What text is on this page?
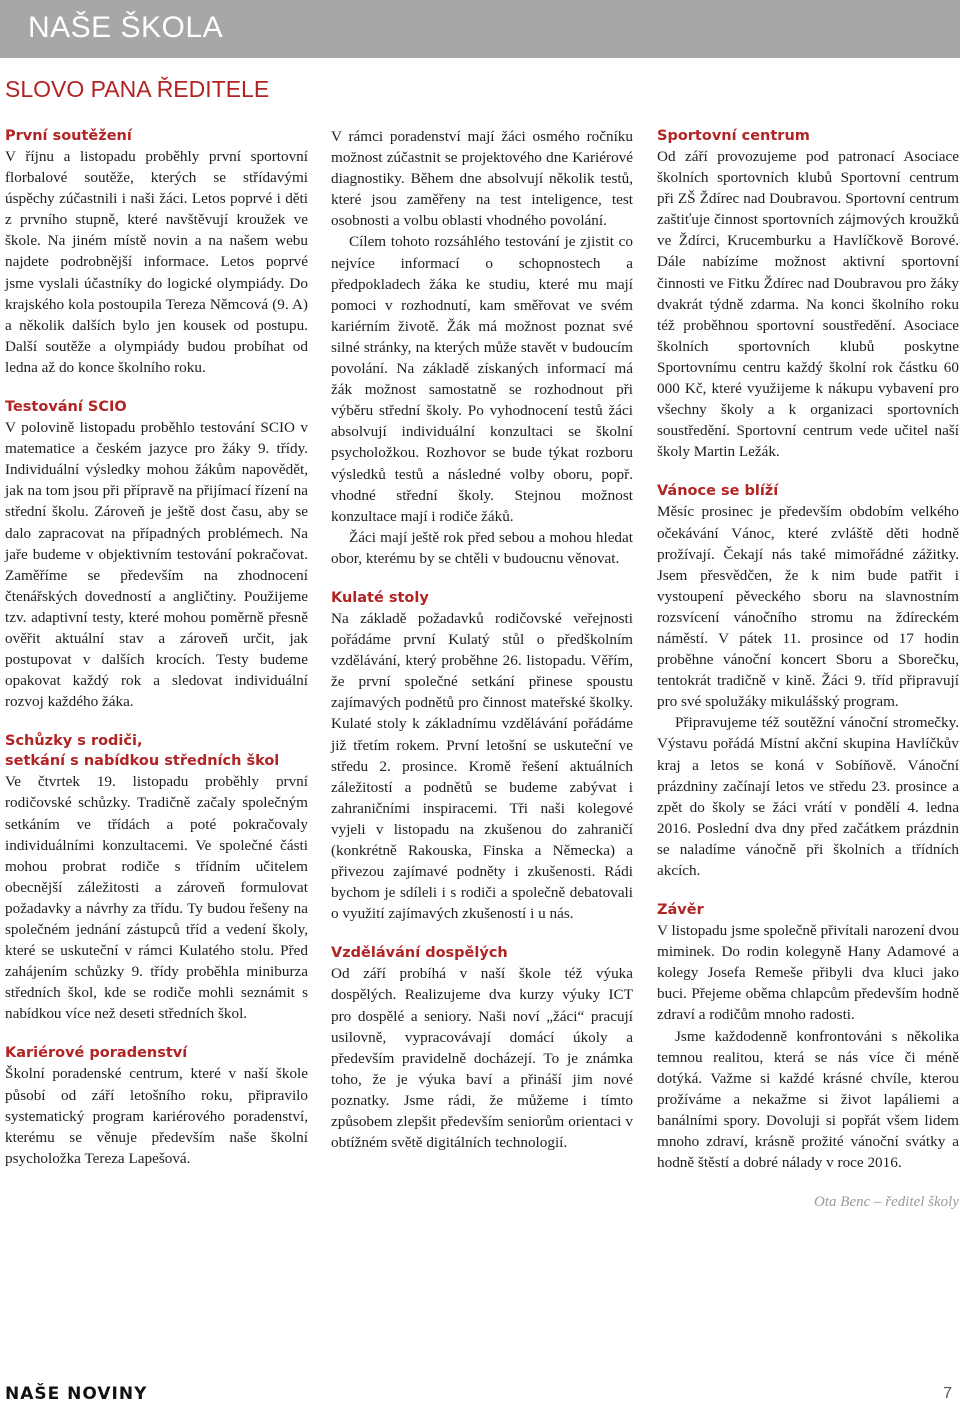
NAŠE ŠKOLA
SLOVO PANA ŘEDITELE
První soutěžení

V říjnu a listopadu proběhly první sportovní florbalové soutěže, kterých se střídavými úspěchy zúčastnili i naši žáci. Letos poprvé i děti z prvního stupně, které navštěvují kroužek ve škole. Na jiném místě novin a na našem webu najdete podrobnější informace. Letos poprvé jsme vyslali účastníky do logické olympiády. Do krajského kola postoupila Tereza Němcová (9. A) a několik dalších bylo jen kousek od postupu. Další soutěže a olympiády budou probíhat od ledna až do konce školního roku.

Testování SCIO

V polovině listopadu proběhlo testování SCIO v matematice a českém jazyce pro žáky 9. třídy. Individuální výsledky mohou žákům napovědět, jak na tom jsou při přípravě na přijímací řízení na střední školu. Zároveň je ještě dost času, aby se dalo zapracovat na případných problémech. Na jaře budeme v objektivním testování pokračovat. Zaměříme se především na zhodnocení čtenářských dovedností a angličtiny. Použijeme tzv. adaptivní testy, které mohou poměrně přesně ověřit aktuální stav a zároveň určit, jak postupovat v dalších krocích. Testy budeme opakovat každý rok a sledovat individuální rozvoj každého žáka.

Schůzky s rodiči,
setkání s nabídkou středních škol

Ve čtvrtek 19. listopadu proběhly první rodičovské schůzky. Tradičně začaly společným setkáním ve třídách a poté pokračovaly individuálními konzultacemi. Ve společné části mohou probrat rodiče s třídním učitelem obecnější záležitosti a zároveň formulovat požadavky a návrhy za třídu. Ty budou řešeny na společném jednání zástupců tříd a vedení školy, které se uskuteční v rámci Kulatého stolu. Před zahájením schůzky 9. třídy proběhla miniburza středních škol, kde se rodiče mohli seznámit s nabídkou více než deseti středních škol.

Kariérové poradenství

Školní poradenské centrum, které v naší škole působí od září letošního roku, připravilo systematický program kariérového poradenství, kterému se věnuje především naše školní psycholožka Tereza Lapešová.

V rámci poradenství mají žáci osmého ročníku možnost zúčastnit se projektového dne Kariérové diagnostiky. Během dne absolvují několik testů, které jsou zaměřeny na test inteligence, test osobnosti a volbu oblasti vhodného povolání.

Cílem tohoto rozsáhlého testování je zjistit co nejvíce informací o schopnostech a předpokladech žáka ke studiu, které mu mají pomoci v rozhodnutí, kam směřovat ve svém kariérním životě. Žák má možnost poznat své silné stránky, na kterých může stavět v budoucím povolání. Na základě získaných informací má žák možnost samostatně se rozhodnout při výběru střední školy. Po vyhodnocení testů žáci absolvují individuální konzultaci se školní psycholožkou. Rozhovor se bude týkat rozboru výsledků testů a následné volby oboru, popř. vhodné střední školy. Stejnou možnost konzultace mají i rodiče žáků.

Žáci mají ještě rok před sebou a mohou hledat obor, kterému by se chtěli v budoucnu věnovat.

Kulaté stoly

Na základě požadavků rodičovské veřejnosti pořádáme první Kulatý stůl o předškolním vzdělávání, který proběhne 26. listopadu. Věřím, že první společné setkání přinese spoustu zajímavých podnětů pro činnost mateřské školky. Kulaté stoly k základnímu vzdělávání pořádáme již třetím rokem. První letošní se uskuteční ve středu 2. prosince. Kromě řešení aktuálních záležitostí a podnětů se budeme zabývat i zahraničními inspiracemi. Tři naši kolegové vyjeli v listopadu na zkušenou do zahraničí (konkrétně Rakouska, Finska a Německa) a přivezou zajímavé podněty i zkušenosti. Rádi bychom je sdíleli i s rodiči a společně debatovali o využití zajímavých zkušeností i u nás.

Vzdělávání dospělých

Od září probíhá v naší škole též výuka dospělých. Realizujeme dva kurzy výuky ICT pro dospělé a seniory. Naši noví „žáci“ pracují usilovně, vypracovávají domácí úkoly a především pravidelně docházejí. To je známka toho, že je výuka baví a přináší jim nové poznatky. Jsme rádi, že můžeme i tímto způsobem zlepšit především seniorům orientaci v obtížném světě digitálních technologií.

Sportovní centrum

Od září provozujeme pod patronací Asociace školních sportovních klubů Sportovní centrum při ZŠ Ždírec nad Doubravou. Sportovní centrum zaštiťuje činnost sportovních zájmových kroužků ve Ždírci, Krucemburku a Havlíčkově Borové. Dále nabízíme možnost aktivní sportovní činnosti ve Fitku Ždírec nad Doubravou pro žáky dvakrát týdně zdarma. Na konci školního roku též proběhnou sportovní soustředění. Asociace školních sportovních klubů poskytne Sportovnímu centru každý školní rok částku 60 000 Kč, které využijeme k nákupu vybavení pro všechny školy a k organizaci sportovních soustředění. Sportovní centrum vede učitel naší školy Martin Ležák.

Vánoce se blíží

Měsíc prosinec je především obdobím velkého očekávání Vánoc, které zvláště děti hodně prožívají. Čekají nás také mimořádné zážitky. Jsem přesvědčen, že k nim bude patřit i vystoupení pěveckého sboru na slavnostním rozsvícení vánočního stromu na ždíreckém náměstí. V pátek 11. prosince od 17 hodin proběhne vánoční koncert Sboru a Sborečku, tentokrát tradičně v kině. Žáci 9. tříd připravují pro své spolužáky mikulášský program.

Připravujeme též soutěžní vánoční stromečky. Výstavu pořádá Místní akční skupina Havlíčkův kraj a letos se koná v Sobíňově. Vánoční prázdniny začínají letos ve středu 23. prosince a zpět do školy se žáci vrátí v pondělí 4. ledna 2016. Poslední dva dny před začátkem prázdnin se naladíme vánočně při školních a třídních akcích.

Závěr

V listopadu jsme společně přivítali narození dvou miminek. Do rodin kolegyně Hany Adamové a kolegy Josefa Remeše přibyli dva kluci jako buci. Přejeme oběma chlapcům především hodně zdraví a rodičům mnoho radosti.

Jsme každodenně konfrontováni s několika temnou realitou, která se nás více či méně dotýká. Važme si každé krásné chvíle, kterou prožíváme a nekažme si život lapáliemi a banálními spory. Dovoluji si popřát všem lidem mnoho zdraví, krásně prožité vánoční svátky a hodně štěstí a dobré nálady v roce 2016.

Ota Benc – ředitel školy
NAŠE NOVINY	7
